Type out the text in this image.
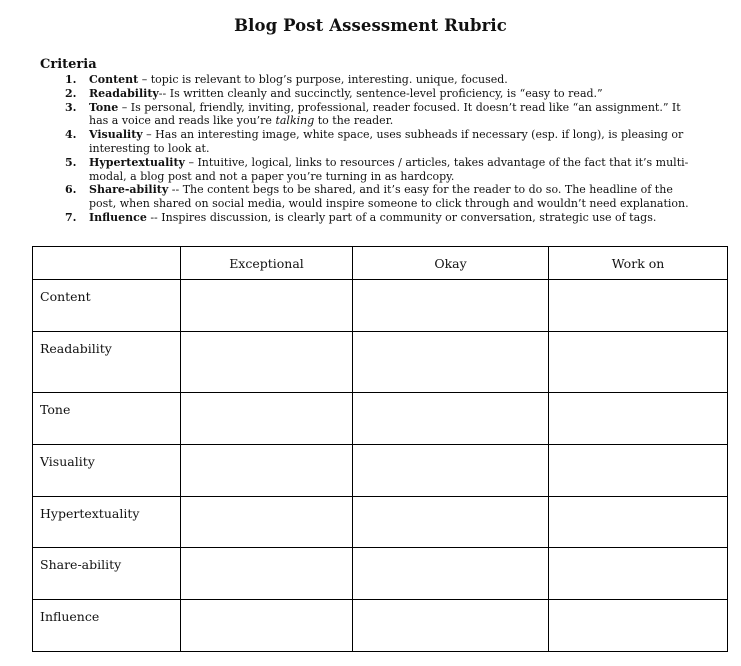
Blog Post Assessment Rubric
Criteria
1. Content – topic is relevant to blog’s purpose, interesting. unique, focused.
2. Readability-- Is written cleanly and succinctly, sentence-level proficiency, is “easy to read.”
3. Tone – Is personal, friendly, inviting, professional, reader focused. It doesn’t read like “an assignment.” It has a voice and reads like you’re talking to the reader.
4. Visuality – Has an interesting image, white space, uses subheads if necessary (esp. if long), is pleasing or interesting to look at.
5. Hypertextuality – Intuitive, logical, links to resources / articles, takes advantage of the fact that it’s multi-modal, a blog post and not a paper you’re turning in as hardcopy.
6. Share-ability -- The content begs to be shared, and it’s easy for the reader to do so. The headline of the post, when shared on social media, would inspire someone to click through and wouldn’t need explanation.
7. Influence -- Inspires discussion, is clearly part of a community or conversation, strategic use of tags.
	Exceptional	Okay	Work on
Content			
Readability			
Tone			
Visuality			
Hypertextuality			
Share-ability			
Influence			
